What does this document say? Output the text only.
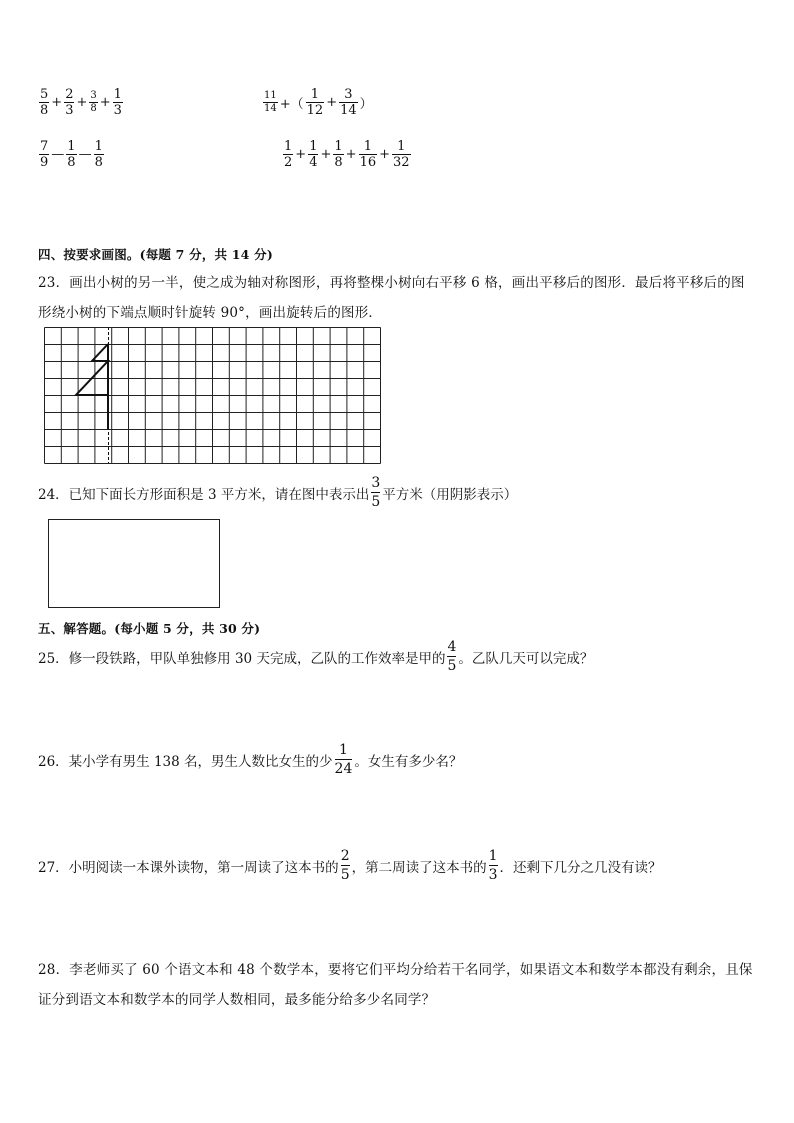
$\frac{5}{8} + \frac{2}{3} + \frac{3}{8} + \frac{1}{3}$	$\frac{11}{14}$ +（ $\frac{1}{12} + \frac{3}{14}$ ）
$\frac{7}{9}$ — $\frac{1}{8}$ — $\frac{1}{8}$	$\frac{1}{2} + \frac{1}{4} + \frac{1}{8} + \frac{1}{16} + \frac{1}{32}$
四、按要求画图。(每题 7 分，共 14 分)
23．画出小树的另一半，使之成为轴对称图形，再将整棵小树向右平移 6 格，画出平移后的图形．最后将平移后的图
形绕小树的下端点顺时针旋转 90°，画出旋转后的图形．
24．已知下面长方形面积是 3 平方米，请在图中表示出 $\frac{3}{5}$ 平方米（用阴影表示）
五、解答题。(每小题 5 分，共 30 分)
25．修一段铁路，甲队单独修用 30 天完成，乙队的工作效率是甲的 $\frac{4}{5}$ 。乙队几天可以完成？
26．某小学有男生 138 名，男生人数比女生的少 $\frac{1}{24}$ 。女生有多少名？
27．小明阅读一本课外读物，第一周读了这本书的 $\frac{2}{5}$ ，第二周读了这本书的 $\frac{1}{3}$ ．还剩下几分之几没有读？
28．李老师买了 60 个语文本和 48 个数学本，要将它们平均分给若干名同学，如果语文本和数学本都没有剩余，且保
证分到语文本和数学本的同学人数相同，最多能分给多少名同学？
